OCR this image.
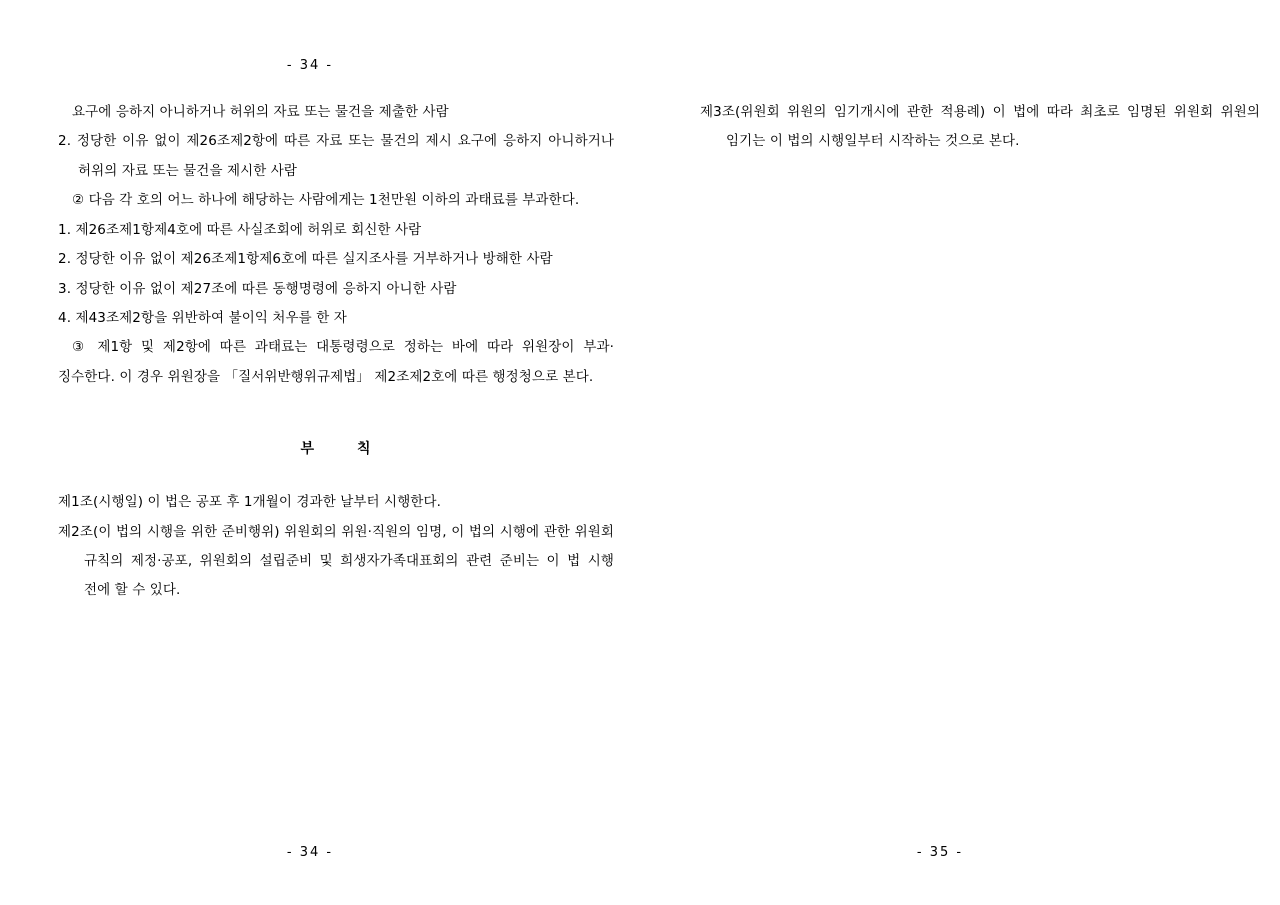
- 34 -

요구에 응하지 아니하거나 허위의 자료 또는 물건을 제출한 사람

2. 정당한 이유 없이 제26조제2항에 따른 자료 또는 물건의 제시 요구에 응하지 아니하거나 허위의 자료 또는 물건을 제시한 사람

② 다음 각 호의 어느 하나에 해당하는 사람에게는 1천만원 이하의 과태료를 부과한다.

1. 제26조제1항제4호에 따른 사실조회에 허위로 회신한 사람

2. 정당한 이유 없이 제26조제1항제6호에 따른 실지조사를 거부하거나 방해한 사람

3. 정당한 이유 없이 제27조에 따른 동행명령에 응하지 아니한 사람

4. 제43조제2항을 위반하여 불이익 처우를 한 자

③ 제1항 및 제2항에 따른 과태료는 대통령령으로 정하는 바에 따라 위원장이 부과·징수한다. 이 경우 위원장을 「질서위반행위규제법」 제2조제2호에 따른 행정청으로 본다.

부	칙

제1조(시행일) 이 법은 공포 후 1개월이 경과한 날부터 시행한다.

제2조(이 법의 시행을 위한 준비행위) 위원회의 위원·직원의 임명, 이 법의 시행에 관한 위원회 규칙의 제정·공포, 위원회의 설립준비 및 희생자가족대표회의 관련 준비는 이 법 시행 전에 할 수 있다.

- 34 -

제3조(위원회 위원의 임기개시에 관한 적용례) 이 법에 따라 최초로 임명된 위원회 위원의 임기는 이 법의 시행일부터 시작하는 것으로 본다.

- 35 -
